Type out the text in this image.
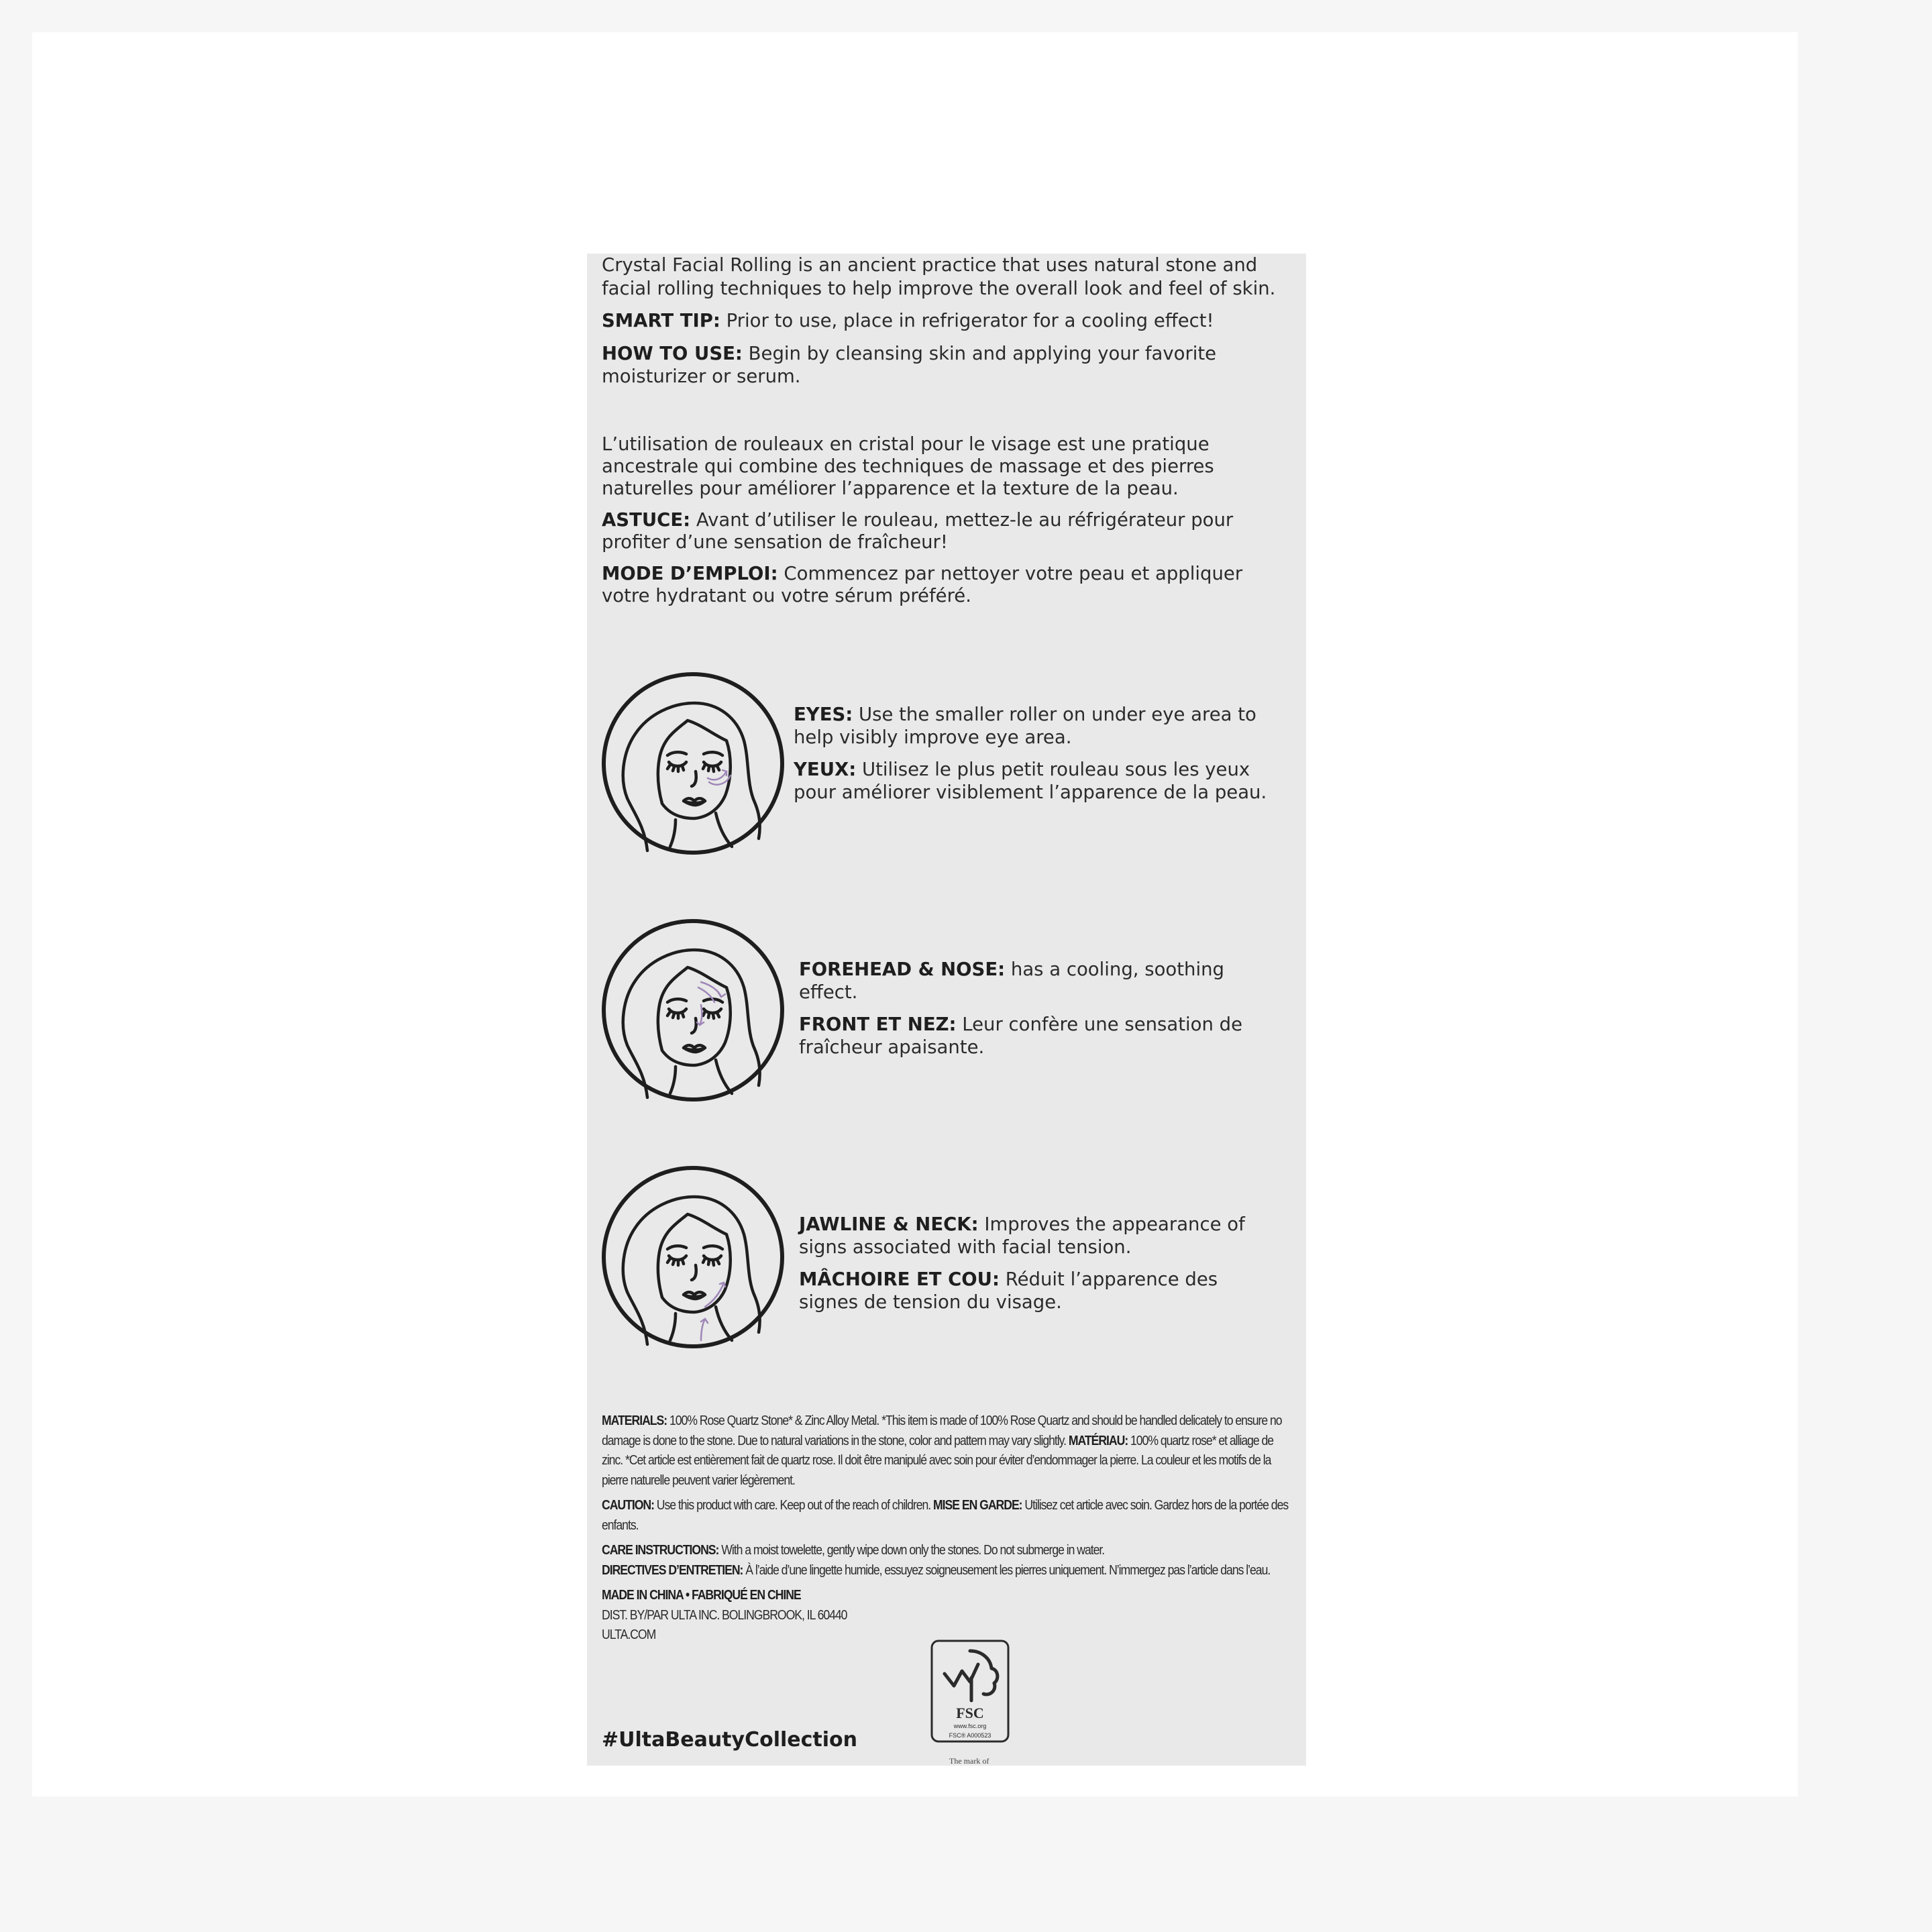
Crystal Facial Rolling is an ancient practice that uses natural stone and facial rolling techniques to help improve the overall look and feel of skin.

SMART TIP: Prior to use, place in refrigerator for a cooling effect!

HOW TO USE: Begin by cleansing skin and applying your favorite moisturizer or serum.

L’utilisation de rouleaux en cristal pour le visage est une pratique ancestrale qui combine des techniques de massage et des pierres naturelles pour améliorer l’apparence et la texture de la peau.

ASTUCE: Avant d’utiliser le rouleau, mettez-le au réfrigérateur pour profiter d’une sensation de fraîcheur!

MODE D’EMPLOI: Commencez par nettoyer votre peau et appliquer votre hydratant ou votre sérum préféré.

EYES: Use the smaller roller on under eye area to help visibly improve eye area.

YEUX: Utilisez le plus petit rouleau sous les yeux pour améliorer visiblement l’apparence de la peau.

FOREHEAD & NOSE: has a cooling, soothing effect.

FRONT ET NEZ: Leur confère une sensation de fraîcheur apaisante.

JAWLINE & NECK: Improves the appearance of signs associated with facial tension.

MÂCHOIRE ET COU: Réduit l’apparence des signes de tension du visage.

MATERIALS: 100% Rose Quartz Stone* & Zinc Alloy Metal. *This item is made of 100% Rose Quartz and should be handled delicately to ensure no damage is done to the stone. Due to natural variations in the stone, color and pattern may vary slightly. MATÉRIAU: 100% quartz rose* et alliage de zinc. *Cet article est entièrement fait de quartz rose. Il doit être manipulé avec soin pour éviter d’endommager la pierre. La couleur et les motifs de la pierre naturelle peuvent varier légèrement.

CAUTION: Use this product with care. Keep out of the reach of children. MISE EN GARDE: Utilisez cet article avec soin. Gardez hors de la portée des enfants.

CARE INSTRUCTIONS: With a moist towelette, gently wipe down only the stones. Do not submerge in water.

DIRECTIVES D’ENTRETIEN: À l’aide d’une lingette humide, essuyez soigneusement les pierres uniquement. N’immergez pas l’article dans l’eau.

MADE IN CHINA • FABRIQUÉ EN CHINE

DIST. BY/PAR ULTA INC. BOLINGBROOK, IL 60440

ULTA.COM

#UltaBeautyCollection
FSC
www.fsc.org
FSC® A000523
The mark of
